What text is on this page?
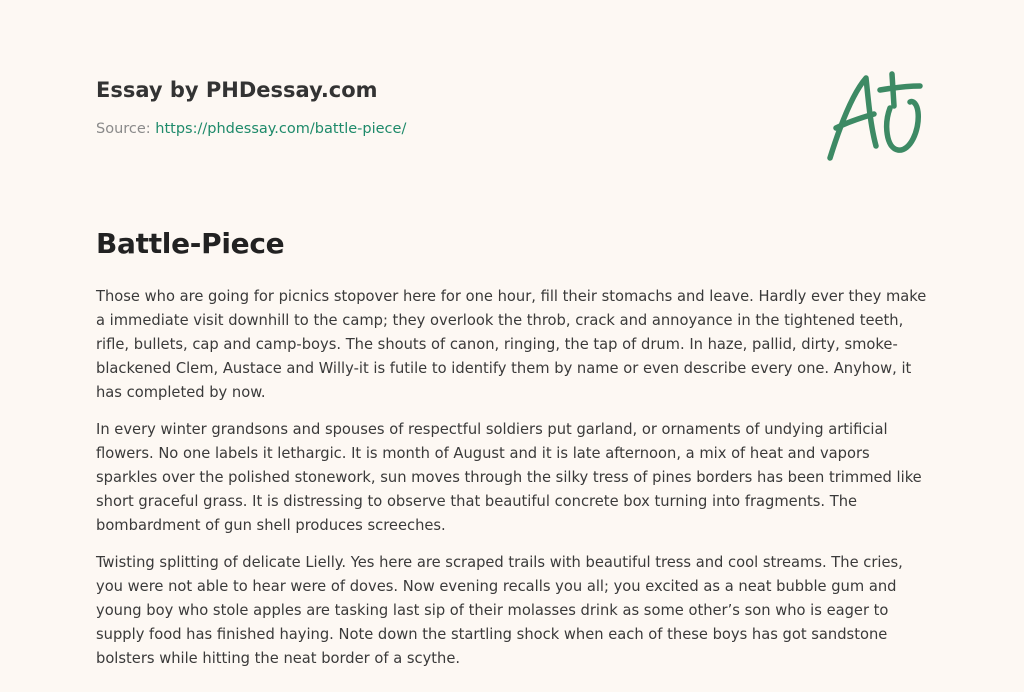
Essay by PHDessay.com
Source: https://phdessay.com/battle-piece/
Battle-Piece

Those who are going for picnics stopover here for one hour, fill their stomachs and leave. Hardly ever they make a immediate visit downhill to the camp; they overlook the throb, crack and annoyance in the tightened teeth, rifle, bullets, cap and camp-boys. The shouts of canon, ringing, the tap of drum. In haze, pallid, dirty, smoke-blackened Clem, Austace and Willy-it is futile to identify them by name or even describe every one. Anyhow, it has completed by now.

In every winter grandsons and spouses of respectful soldiers put garland, or ornaments of undying artificial flowers. No one labels it lethargic. It is month of August and it is late afternoon, a mix of heat and vapors sparkles over the polished stonework, sun moves through the silky tress of pines borders has been trimmed like short graceful grass. It is distressing to observe that beautiful concrete box turning into fragments. The bombardment of gun shell produces screeches.

Twisting splitting of delicate Lielly. Yes here are scraped trails with beautiful tress and cool streams. The cries, you were not able to hear were of doves. Now evening recalls you all; you excited as a neat bubble gum and young boy who stole apples are tasking last sip of their molasses drink as some other’s son who is eager to supply food has finished haying. Note down the startling shock when each of these boys has got sandstone bolsters while hitting the neat border of a scythe.
